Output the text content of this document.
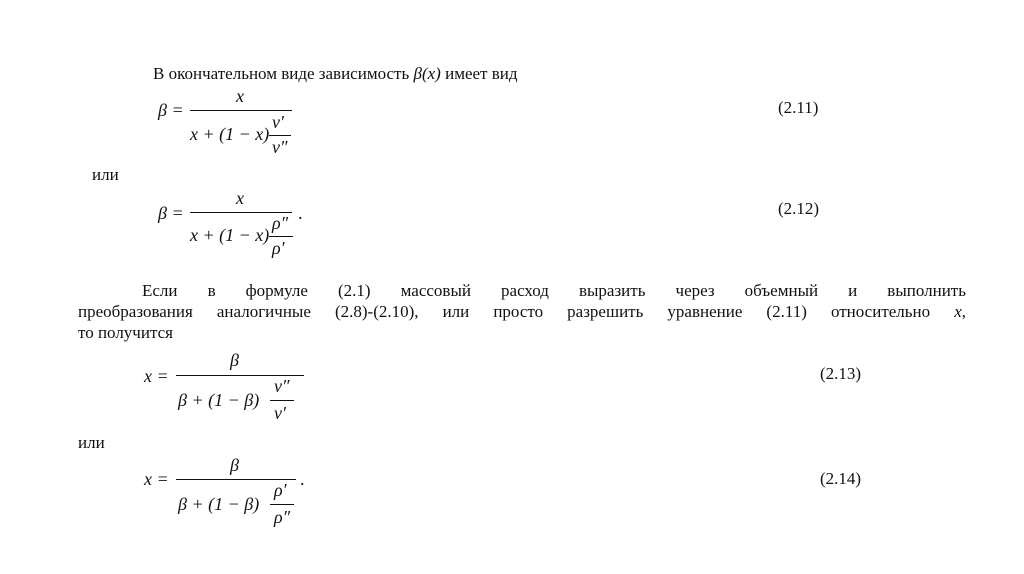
В окончательном виде зависимость β(x) имеет вид
β =
x
x + (1 − x)
v′
v″
(2.11)
или
β =
x
x + (1 − x)
ρ″
ρ′
.	(2.12)

Если в формуле (2.1) массовый расход выразить через объемный и выполнить

преобразования аналогичные (2.8)-(2.10), или просто разрешить уравнение (2.11) относительно x,

то получится

x =
β
β + (1 − β)
v″
v′
(2.13)
или
x =
β
β + (1 − β)
ρ′
ρ″
.	(2.14)
